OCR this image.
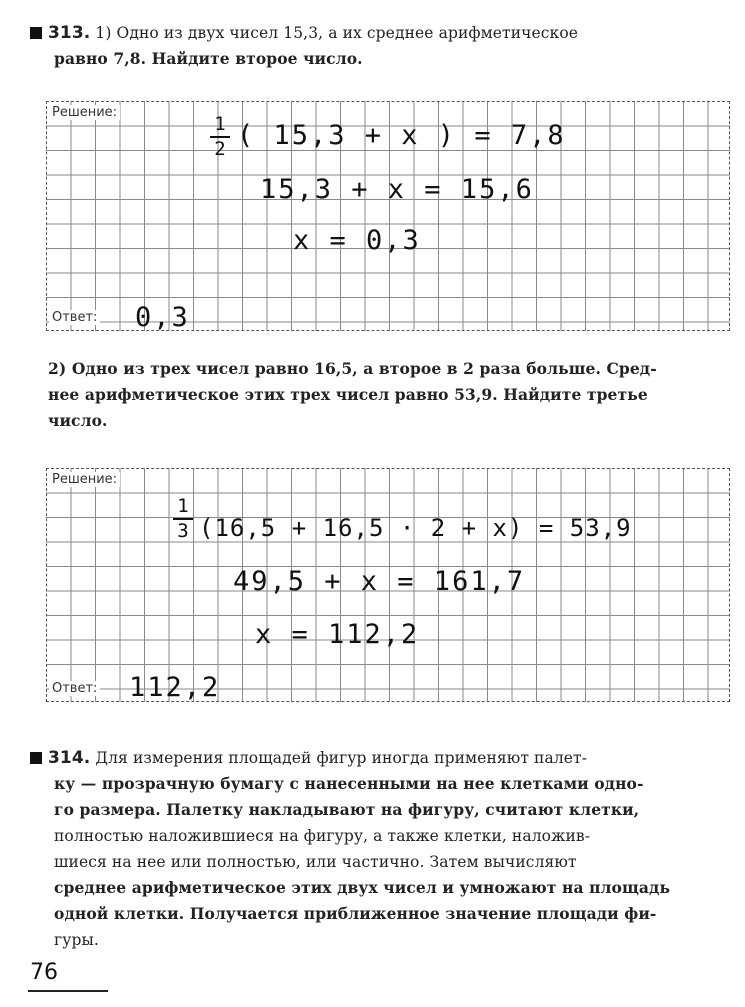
313. 1) Одно из двух чисел 15,3, а их среднее арифметическое
равно 7,8. Найдите второе число.
Решение:
Ответ:
1
2 ( 15,3 + x ) = 7,8
15,3 + x = 15,6
x = 0,3
0,3
2) Одно из трех чисел равно 16,5, а второе в 2 раза больше. Сред-
нее арифметическое этих трех чисел равно 53,9. Найдите третье
число.
Решение:
Ответ:
1
3 (16,5 + 16,5 · 2 + x) = 53,9
49,5 + x = 161,7
x = 112,2
112,2
314. Для измерения площадей фигур иногда применяют палет-
ку — прозрачную бумагу с нанесенными на нее клетками одно-
го размера. Палетку накладывают на фигуру, считают клетки,
полностью наложившиеся на фигуру, а также клетки, наложив-
шиеся на нее или полностью, или частично. Затем вычисляют
среднее арифметическое этих двух чисел и умножают на площадь
одной клетки. Получается приближенное значение площади фи-
гуры.
76
